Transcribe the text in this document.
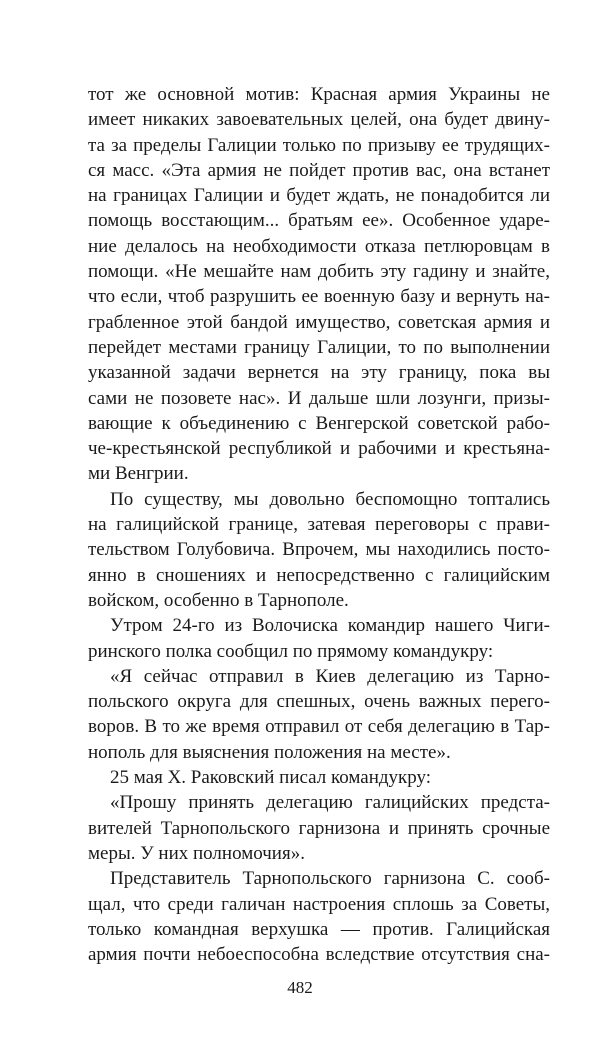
тот же основной мотив: Красная армия Украины не
имеет никаких завоевательных целей, она будет двину-
та за пределы Галиции только по призыву ее трудящих-
ся масс. «Эта армия не пойдет против вас, она встанет
на границах Галиции и будет ждать, не понадобится ли
помощь восстающим... братьям ее». Особенное ударе-
ние делалось на необходимости отказа петлюровцам в
помощи. «Не мешайте нам добить эту гадину и знайте,
что если, чтоб разрушить ее военную базу и вернуть на-
грабленное этой бандой имущество, советская армия и
перейдет местами границу Галиции, то по выполнении
указанной задачи вернется на эту границу, пока вы
сами не позовете нас». И дальше шли лозунги, призы-
вающие к объединению с Венгерской советской рабо-
че-крестьянской республикой и рабочими и крестьяна-
ми Венгрии.
По существу, мы довольно беспомощно топтались
на галицийской границе, затевая переговоры с прави-
тельством Голубовича. Впрочем, мы находились посто-
янно в сношениях и непосредственно с галицийским
войском, особенно в Тарнополе.
Утром 24-го из Волочиска командир нашего Чиги-
ринского полка сообщил по прямому командукру:
«Я сейчас отправил в Киев делегацию из Тарно-
польского округа для спешных, очень важных перего-
воров. В то же время отправил от себя делегацию в Тар-
нополь для выяснения положения на месте».
25 мая Х. Раковский писал командукру:
«Прошу принять делегацию галицийских предста-
вителей Тарнопольского гарнизона и принять срочные
меры. У них полномочия».
Представитель Тарнопольского гарнизона С. сооб-
щал, что среди галичан настроения сплошь за Советы,
только командная верхушка — против. Галицийская
армия почти небоеспособна вследствие отсутствия сна-
482
